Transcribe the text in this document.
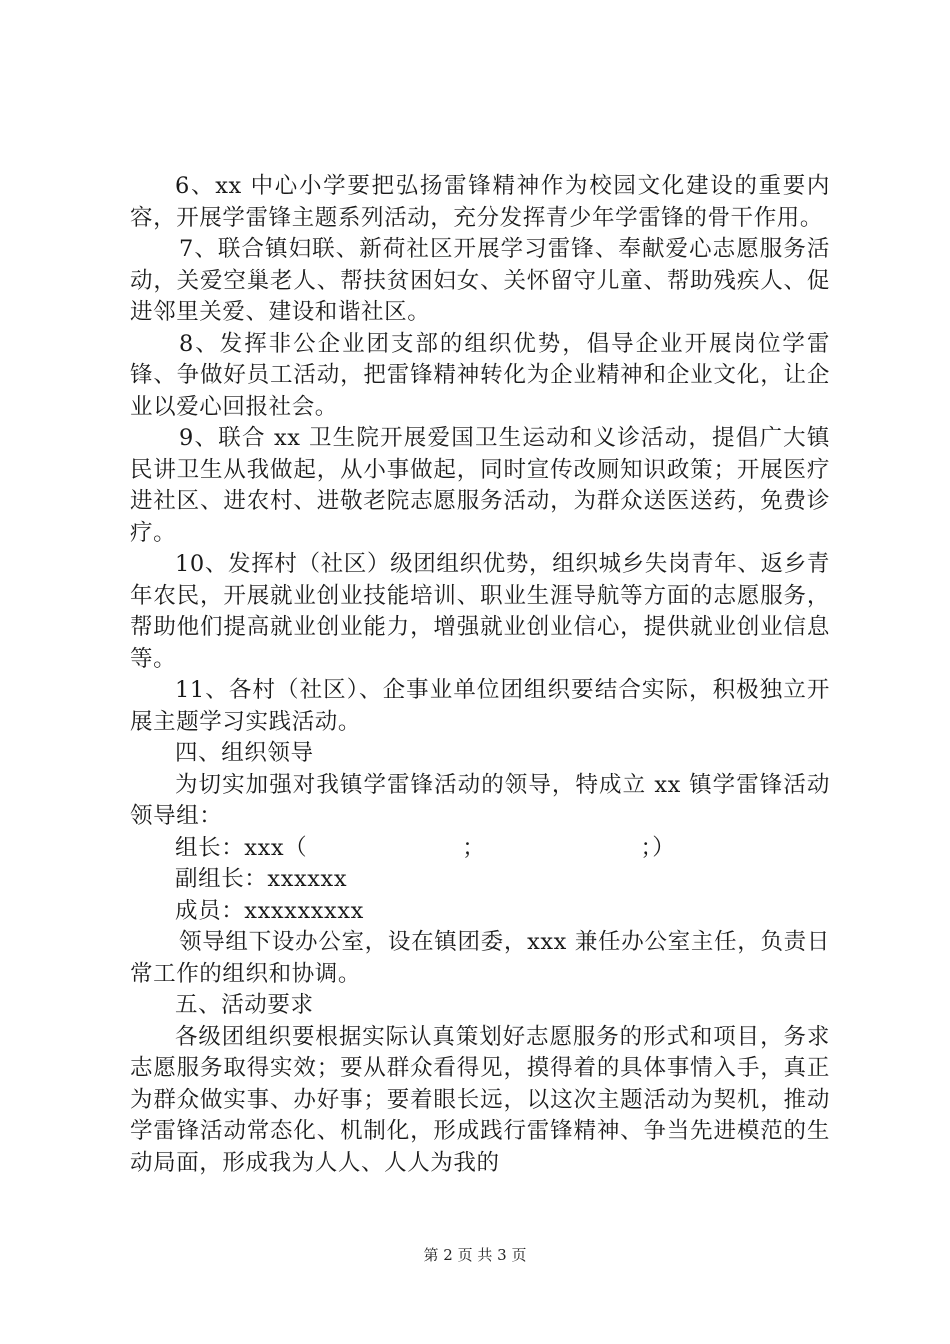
6、xx 中心小学要把弘扬雷锋精神作为校园文化建设的重要内容，开展学雷锋主题系列活动，充分发挥青少年学雷锋的骨干作用。

7、联合镇妇联、新荷社区开展学习雷锋、奉献爱心志愿服务活动，关爱空巢老人、帮扶贫困妇女、关怀留守儿童、帮助残疾人、促进邻里关爱、建设和谐社区。

8、发挥非公企业团支部的组织优势，倡导企业开展岗位学雷锋、争做好员工活动，把雷锋精神转化为企业精神和企业文化，让企业以爱心回报社会。

9、联合 xx 卫生院开展爱国卫生运动和义诊活动，提倡广大镇民讲卫生从我做起，从小事做起，同时宣传改厕知识政策；开展医疗进社区、进农村、进敬老院志愿服务活动，为群众送医送药，免费诊疗。

10、发挥村（社区）级团组织优势，组织城乡失岗青年、返乡青年农民，开展就业创业技能培训、职业生涯导航等方面的志愿服务，帮助他们提高就业创业能力，增强就业创业信心，提供就业创业信息等。

11、各村（社区）、企事业单位团组织要结合实际，积极独立开展主题学习实践活动。

四、组织领导

为切实加强对我镇学雷锋活动的领导，特成立 xx 镇学雷锋活动领导组：

组长：xxx（                    ；                    ；）

副组长：xxxxxx

成员：xxxxxxxxx

领导组下设办公室，设在镇团委，xxx 兼任办公室主任，负责日常工作的组织和协调。

五、活动要求

各级团组织要根据实际认真策划好志愿服务的形式和项目，务求志愿服务取得实效；要从群众看得见，摸得着的具体事情入手，真正为群众做实事、办好事；要着眼长远，以这次主题活动为契机，推动学雷锋活动常态化、机制化，形成践行雷锋精神、争当先进模范的生动局面，形成我为人人、人人为我的

第 2 页 共 3 页
